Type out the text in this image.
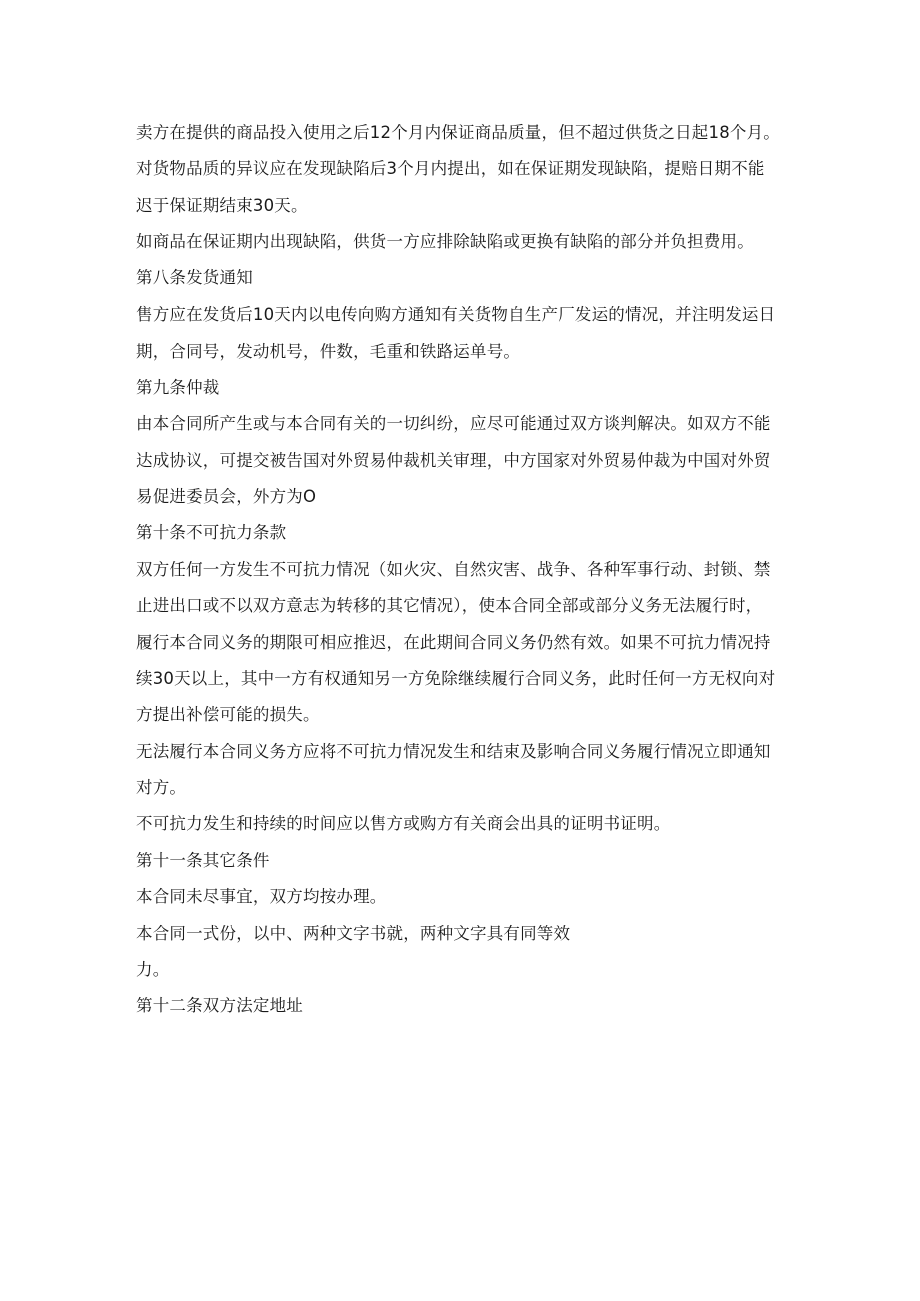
卖方在提供的商品投入使用之后12个月内保证商品质量，但不超过供货之日起18个月。
对货物品质的异议应在发现缺陷后3个月内提出，如在保证期发现缺陷，提赔日期不能
迟于保证期结束30天。
如商品在保证期内出现缺陷，供货一方应排除缺陷或更换有缺陷的部分并负担费用。
第八条发货通知
售方应在发货后10天内以电传向购方通知有关货物自生产厂发运的情况，并注明发运日
期，合同号，发动机号，件数，毛重和铁路运单号。
第九条仲裁
由本合同所产生或与本合同有关的一切纠纷，应尽可能通过双方谈判解决。如双方不能
达成协议，可提交被告国对外贸易仲裁机关审理，中方国家对外贸易仲裁为中国对外贸
易促进委员会，外方为O
第十条不可抗力条款
双方任何一方发生不可抗力情况（如火灾、自然灾害、战争、各种军事行动、封锁、禁
止进出口或不以双方意志为转移的其它情况），使本合同全部或部分义务无法履行时，
履行本合同义务的期限可相应推迟，在此期间合同义务仍然有效。如果不可抗力情况持
续30天以上，其中一方有权通知另一方免除继续履行合同义务，此时任何一方无权向对
方提出补偿可能的损失。
无法履行本合同义务方应将不可抗力情况发生和结束及影响合同义务履行情况立即通知
对方。
不可抗力发生和持续的时间应以售方或购方有关商会出具的证明书证明。
第十一条其它条件
本合同未尽事宜，双方均按办理。
本合同一式份，以中、两种文字书就，两种文字具有同等效
力。
第十二条双方法定地址
